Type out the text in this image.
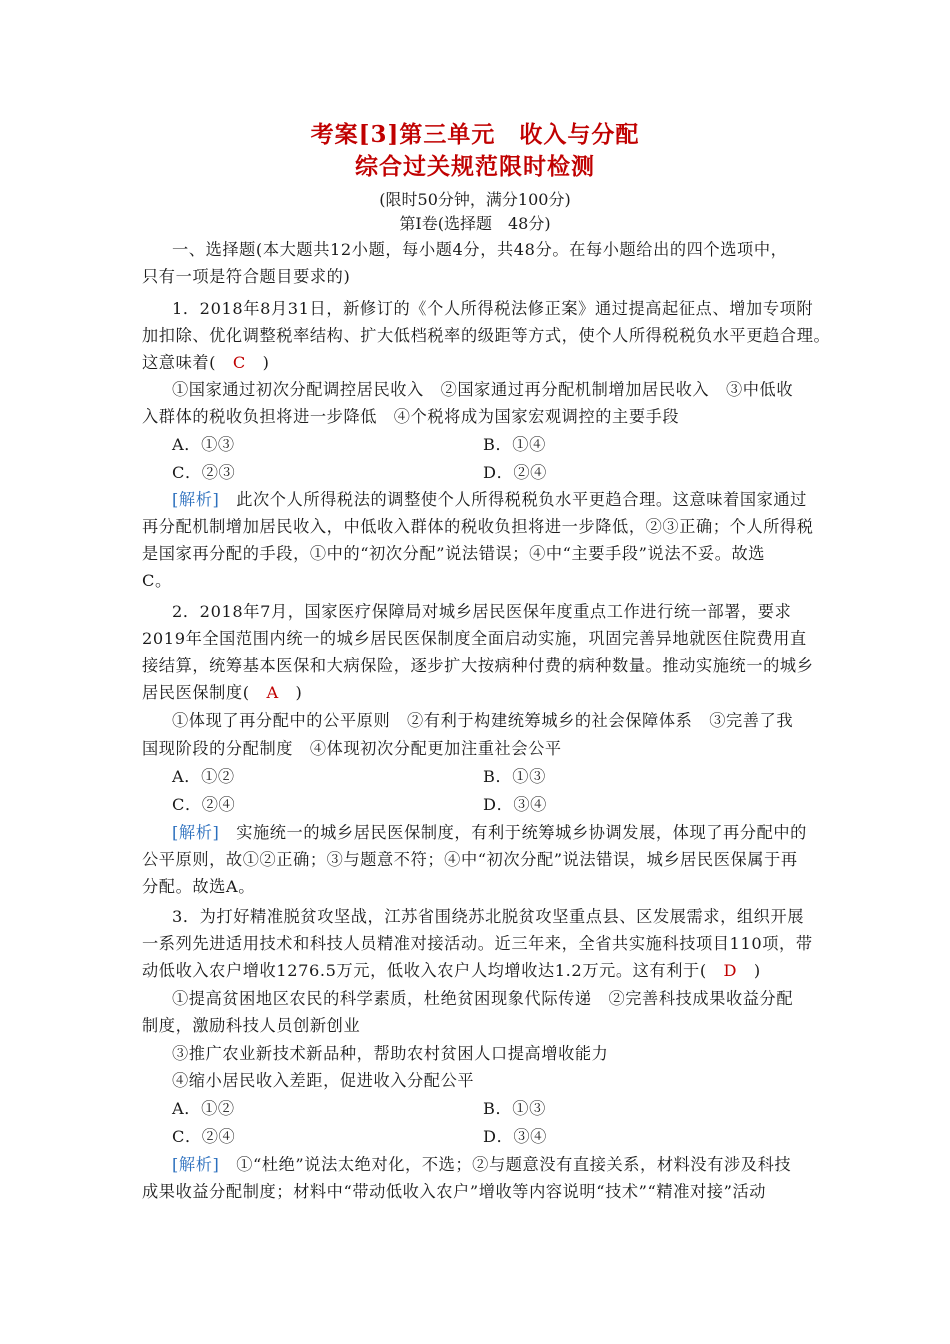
考案[3]第三单元　收入与分配
综合过关规范限时检测
(限时50分钟，满分100分)
第Ⅰ卷(选择题　48分)
一、选择题(本大题共12小题，每小题4分，共48分。在每小题给出的四个选项中，
只有一项是符合题目要求的)
1．2018年8月31日，新修订的《个人所得税法修正案》通过提高起征点、增加专项附
加扣除、优化调整税率结构、扩大低档税率的级距等方式，使个人所得税税负水平更趋合理。
这意味着(　C　)
①国家通过初次分配调控居民收入　②国家通过再分配机制增加居民收入　③中低收
入群体的税收负担将进一步降低　④个税将成为国家宏观调控的主要手段
A．①③	B．①④
C．②③	D．②④
[解析]　此次个人所得税法的调整使个人所得税税负水平更趋合理。这意味着国家通过
再分配机制增加居民收入，中低收入群体的税收负担将进一步降低，②③正确；个人所得税
是国家再分配的手段，①中的“初次分配”说法错误；④中“主要手段”说法不妥。故选
C。
2．2018年7月，国家医疗保障局对城乡居民医保年度重点工作进行统一部署，要求
2019年全国范围内统一的城乡居民医保制度全面启动实施，巩固完善异地就医住院费用直
接结算，统筹基本医保和大病保险，逐步扩大按病种付费的病种数量。推动实施统一的城乡
居民医保制度(　A　)
①体现了再分配中的公平原则　②有利于构建统筹城乡的社会保障体系　③完善了我
国现阶段的分配制度　④体现初次分配更加注重社会公平
A．①②	B．①③
C．②④	D．③④
[解析]　实施统一的城乡居民医保制度，有利于统筹城乡协调发展，体现了再分配中的
公平原则，故①②正确；③与题意不符；④中“初次分配”说法错误，城乡居民医保属于再
分配。故选A。
3．为打好精准脱贫攻坚战，江苏省围绕苏北脱贫攻坚重点县、区发展需求，组织开展
一系列先进适用技术和科技人员精准对接活动。近三年来，全省共实施科技项目110项，带
动低收入农户增收1276.5万元，低收入农户人均增收达1.2万元。这有利于(　D　)
①提高贫困地区农民的科学素质，杜绝贫困现象代际传递　②完善科技成果收益分配
制度，激励科技人员创新创业
③推广农业新技术新品种，帮助农村贫困人口提高增收能力
④缩小居民收入差距，促进收入分配公平
A．①②	B．①③
C．②④	D．③④
[解析]　①“杜绝”说法太绝对化，不选；②与题意没有直接关系，材料没有涉及科技
成果收益分配制度；材料中“带动低收入农户”增收等内容说明“技术”“精准对接”活动
